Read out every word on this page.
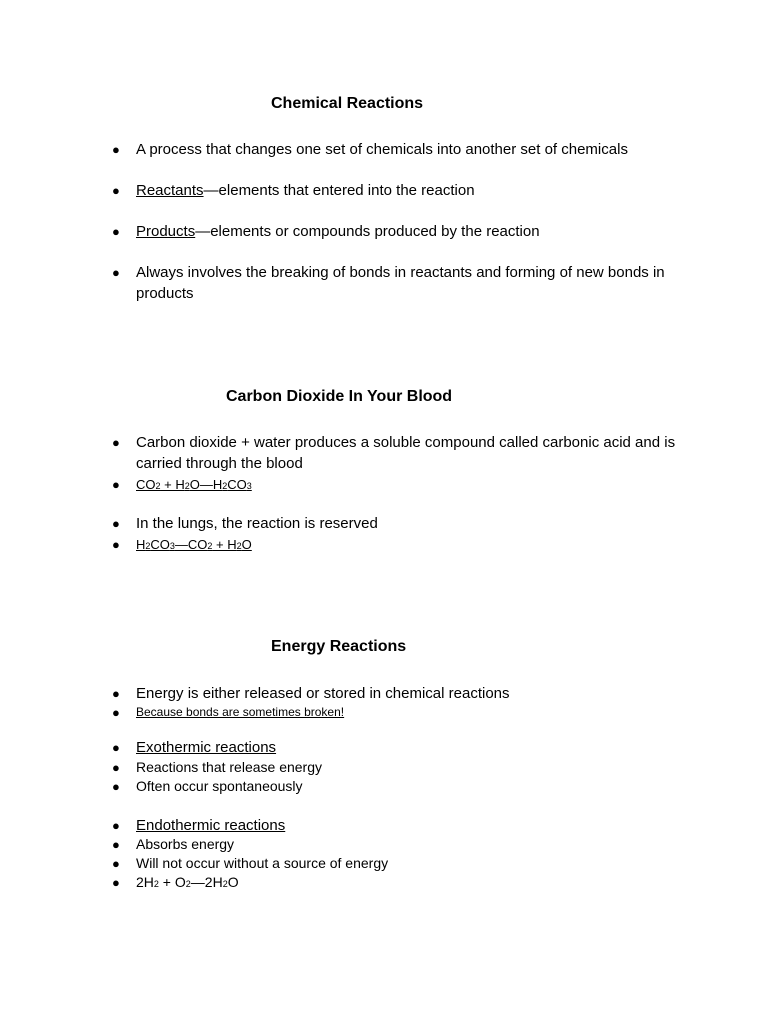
Chemical Reactions
● A process that changes one set of chemicals into another set of chemicals
● Reactants—elements that entered into the reaction
● Products—elements or compounds produced by the reaction
● Always involves the breaking of bonds in reactants and forming of new bonds in products
Carbon Dioxide In Your Blood
● Carbon dioxide + water produces a soluble compound called carbonic acid and is carried through the blood
● CO2 + H2O—H2CO3
● In the lungs, the reaction is reserved
● H2CO3—CO2 + H2O
Energy Reactions
● Energy is either released or stored in chemical reactions
● Because bonds are sometimes broken!
● Exothermic reactions
● Reactions that release energy
● Often occur spontaneously
● Endothermic reactions
● Absorbs energy
● Will not occur without a source of energy
● 2H2 + O2—2H2O
